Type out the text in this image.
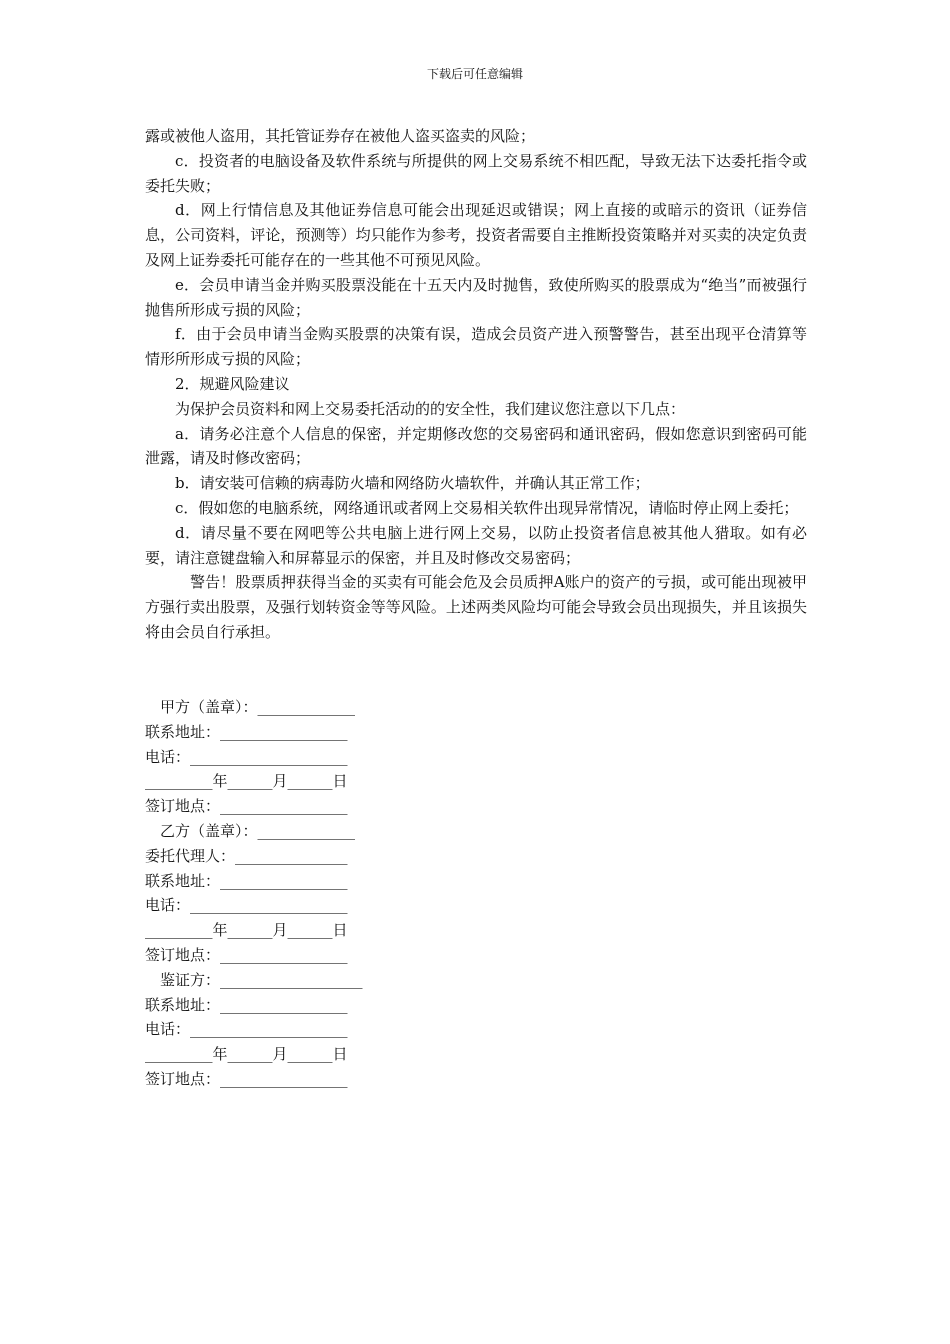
下载后可任意编辑

露或被他人盗用，其托管证券存在被他人盗买盗卖的风险；

c．投资者的电脑设备及软件系统与所提供的网上交易系统不相匹配，导致无法下达委托指令或委托失败；

d．网上行情信息及其他证券信息可能会出现延迟或错误；网上直接的或暗示的资讯（证券信息，公司资料，评论，预测等）均只能作为参考，投资者需要自主推断投资策略并对买卖的决定负责及网上证券委托可能存在的一些其他不可预见风险。

e．会员申请当金并购买股票没能在十五天内及时抛售，致使所购买的股票成为“绝当”而被强行抛售所形成亏损的风险；

f．由于会员申请当金购买股票的决策有误，造成会员资产进入预警警告，甚至出现平仓清算等情形所形成亏损的风险；

2．规避风险建议

为保护会员资料和网上交易委托活动的的安全性，我们建议您注意以下几点：

a．请务必注意个人信息的保密，并定期修改您的交易密码和通讯密码，假如您意识到密码可能泄露，请及时修改密码；

b．请安装可信赖的病毒防火墙和网络防火墙软件，并确认其正常工作；

c．假如您的电脑系统，网络通讯或者网上交易相关软件出现异常情况，请临时停止网上委托；

d．请尽量不要在网吧等公共电脑上进行网上交易，以防止投资者信息被其他人猎取。如有必要，请注意键盘输入和屏幕显示的保密，并且及时修改交易密码；

警告！股票质押获得当金的买卖有可能会危及会员质押A账户的资产的亏损，或可能出现被甲方强行卖出股票，及强行划转资金等等风险。上述两类风险均可能会导致会员出现损失，并且该损失将由会员自行承担。

甲方（盖章）：_____________

联系地址：_________________

电话：_____________________

_________年______月______日

签订地点：_________________

乙方（盖章）：_____________

委托代理人：_______________

联系地址：_________________

电话：_____________________

_________年______月______日

签订地点：_________________

鉴证方：___________________

联系地址：_________________

电话：_____________________

_________年______月______日

签订地点：_________________
